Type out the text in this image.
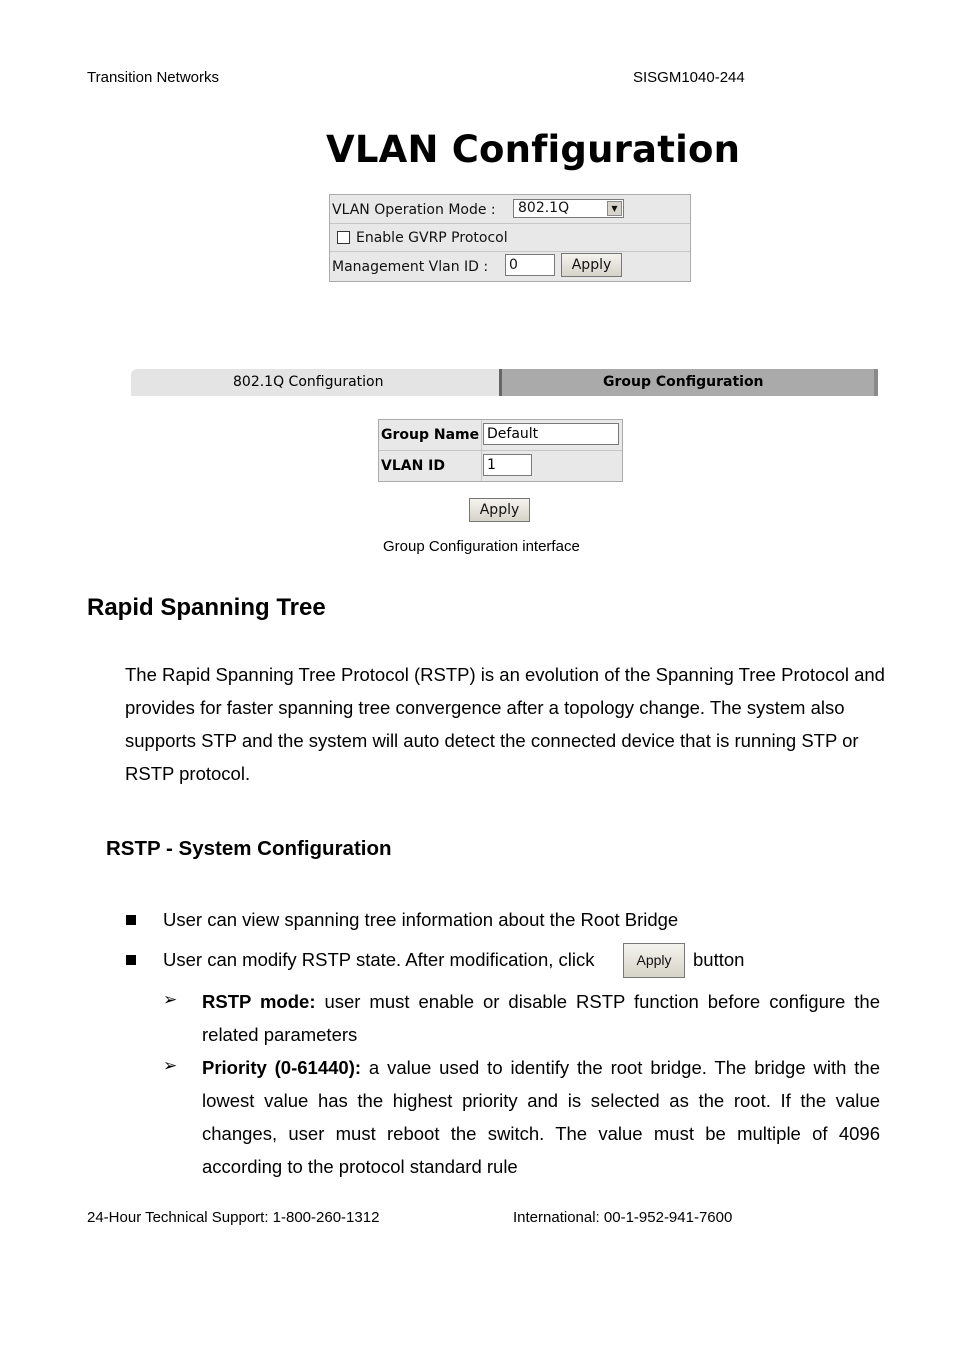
Transition Networks	SISGM1040-244
VLAN Configuration
VLAN Operation Mode : 802.1Q	▼
Enable GVRP Protocol
Management Vlan ID : 0	Apply
802.1Q Configuration	Group Configuration
Group Name Default
VLAN ID	1
Apply
Group Configuration interface
Rapid Spanning Tree
The Rapid Spanning Tree Protocol (RSTP) is an evolution of the Spanning Tree Protocol and provides for faster spanning tree convergence after a topology change. The system also supports STP and the system will auto detect the connected device that is running STP or RSTP protocol.
RSTP - System Configuration
User can view spanning tree information about the Root Bridge
User can modify RSTP state. After modification, click	Apply	button
➢ RSTP mode: user must enable or disable RSTP function before configure the related parameters
➢ Priority (0-61440): a value used to identify the root bridge. The bridge with the lowest value has the highest priority and is selected as the root. If the value changes, user must reboot the switch. The value must be multiple of 4096 according to the protocol standard rule
24-Hour Technical Support: 1-800-260-1312	International: 00-1-952-941-7600
